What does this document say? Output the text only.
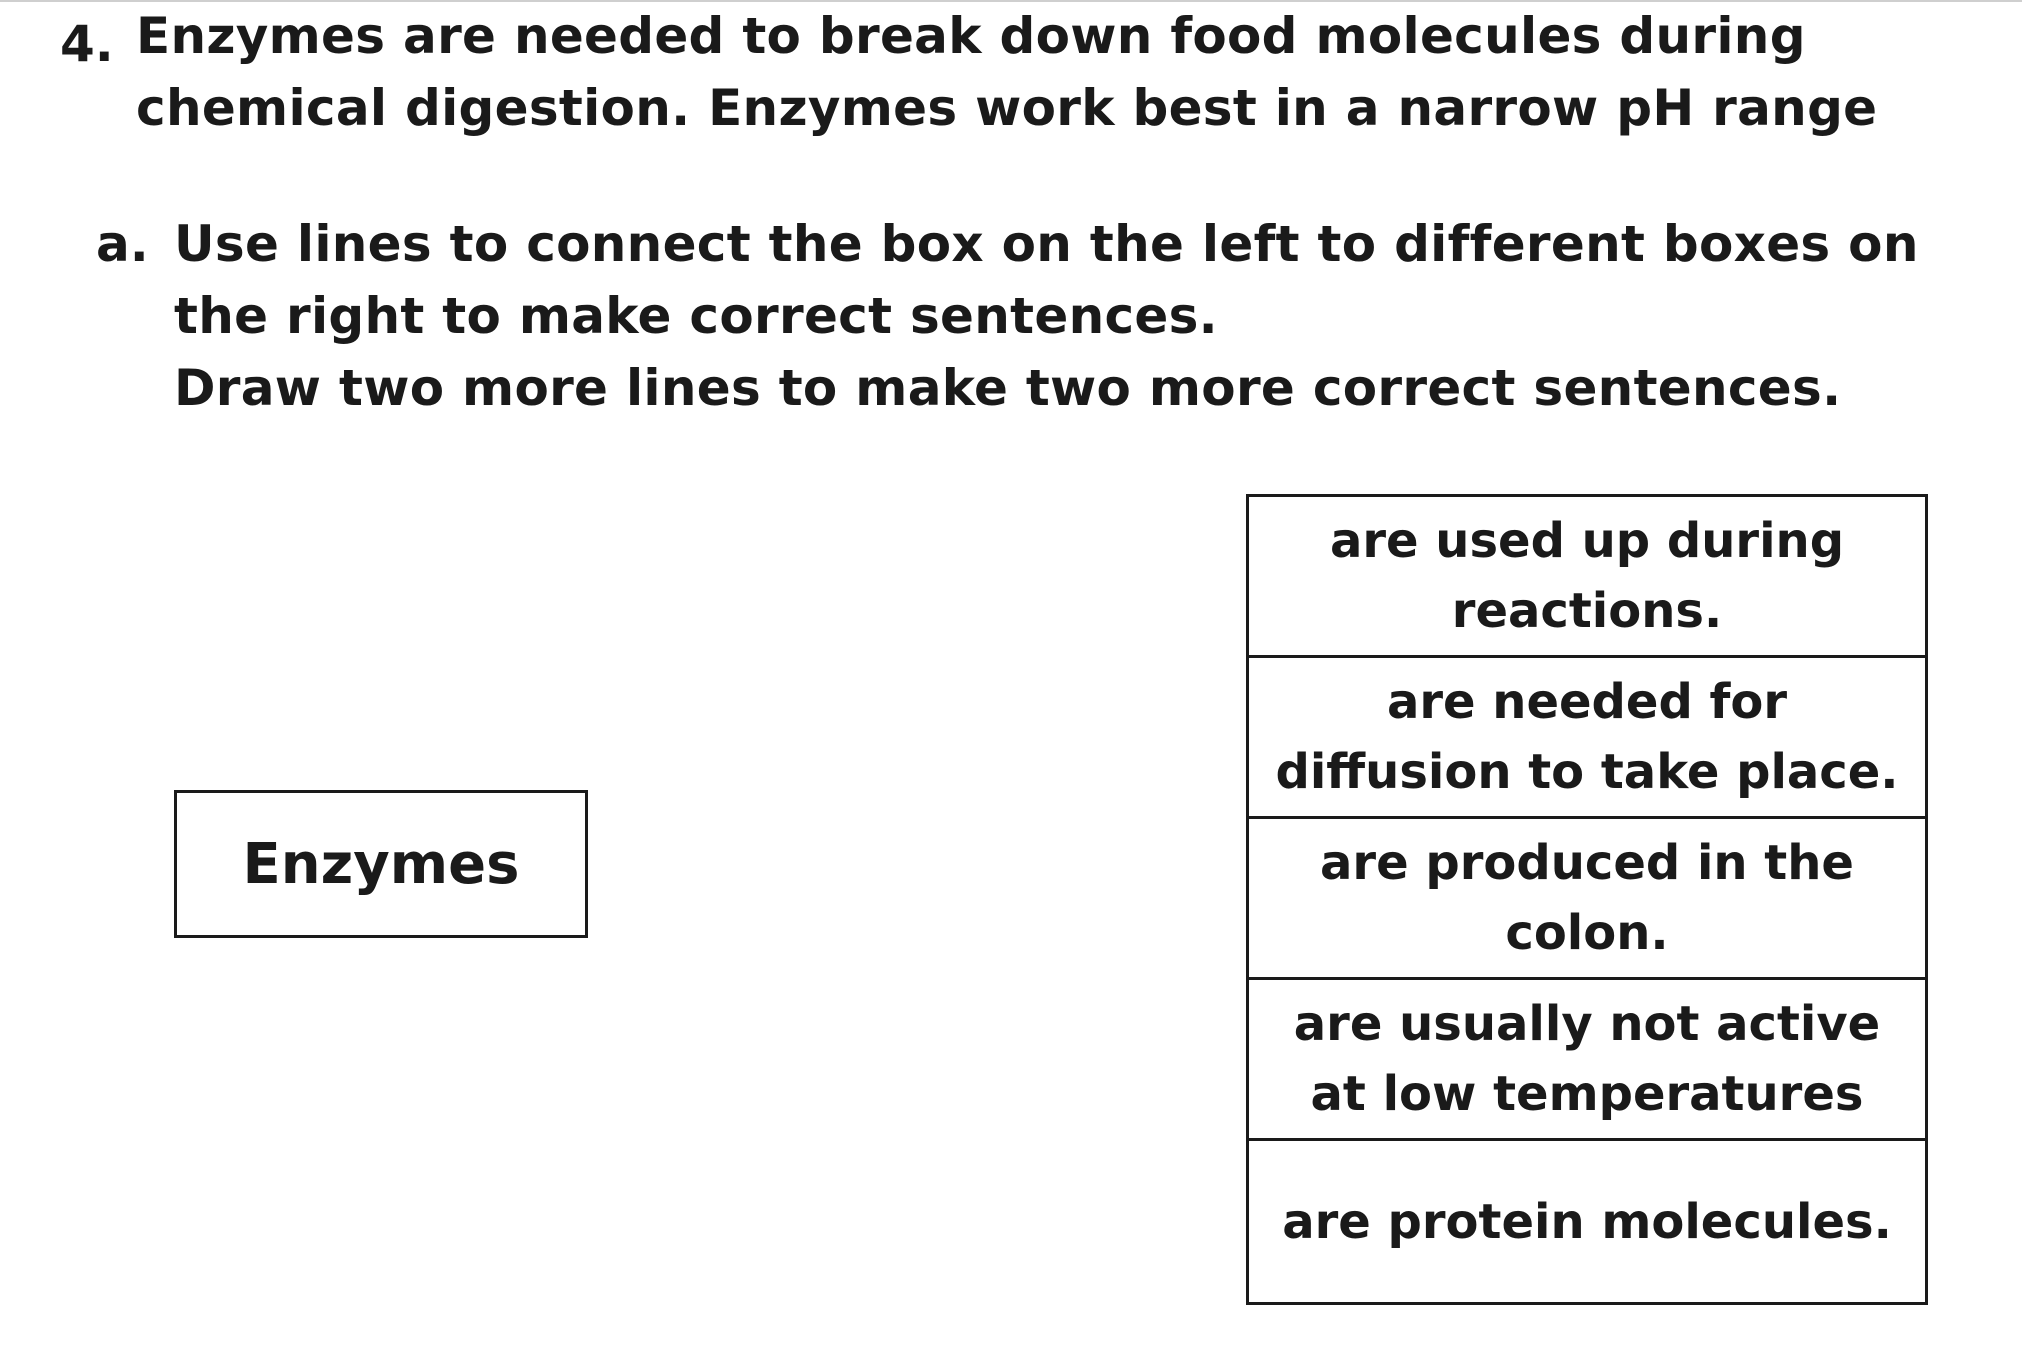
4. Enzymes are needed to break down food molecules during chemical digestion. Enzymes work best in a narrow pH range
a. Use lines to connect the box on the left to different boxes on the right to make correct sentences.
Draw two more lines to make two more correct sentences.
Enzymes
are used up during reactions.
are needed for diffusion to take place.
are produced in the colon.
are usually not active at low temperatures
are protein molecules.
